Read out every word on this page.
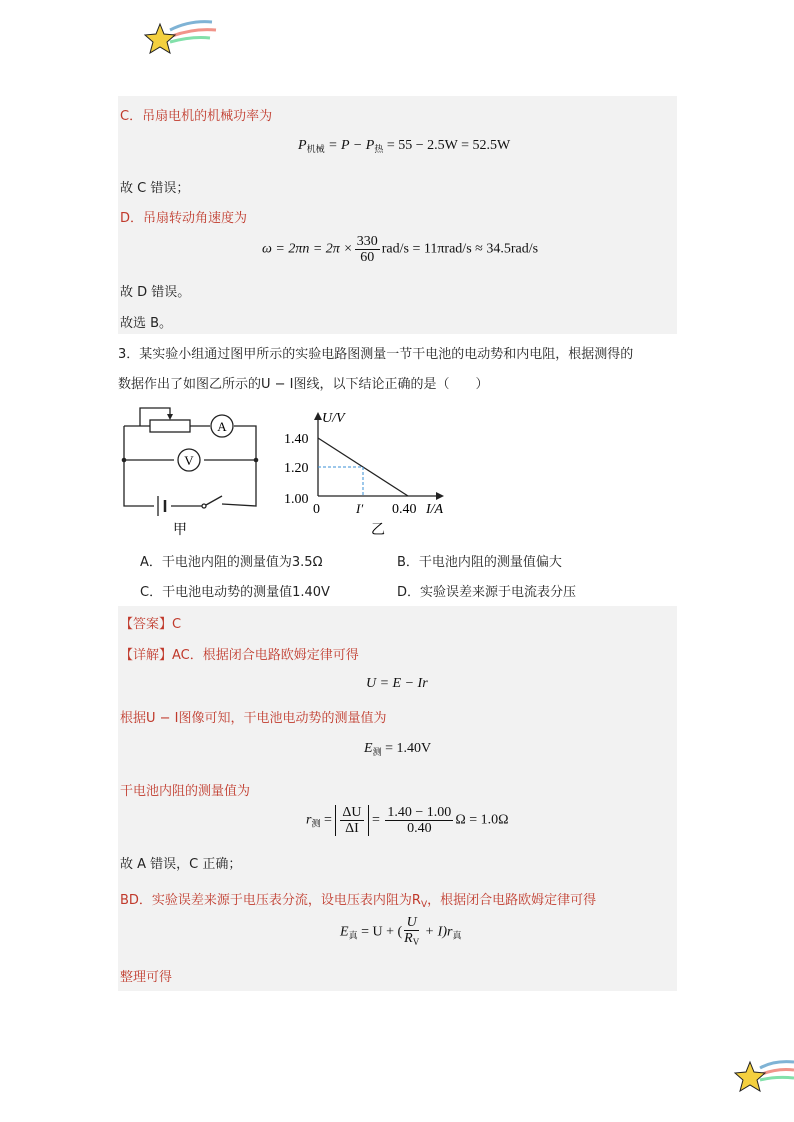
C．吊扇电机的机械功率为
$P_{机械} = P - P_热 = 55 - 2.5W = 52.5W$
故 C 错误；
D．吊扇转动角速度为
$\omega = 2\pi n = 2\pi \times \frac{330}{60} rad/s = 11\pi rad/s \approx 34.5rad/s$
故 D 错误。
故选 B。
3．某实验小组通过图甲所示的实验电路图测量一节干电池的电动势和内电阻，根据测得的
数据作出了如图乙所示的U − I图线，以下结论正确的是（　　）
A
V
甲
U/V
1.40
1.20
1.00
0	I′ 0.40 I/A
乙
A．干电池内阻的测量值为3.5Ω	B．干电池内阻的测量值偏大
C．干电池电动势的测量值1.40V	D．实验误差来源于电流表分压
【答案】C
【详解】AC．根据闭合电路欧姆定律可得
U = E − Ir
根据U − I图像可知，干电池电动势的测量值为
$E_测 = 1.40V$
干电池内阻的测量值为
$r_测 = \frac{\Delta U}{\Delta I} = \frac{1.40 - 1.00}{0.40}$ Ω = 1.0Ω
故 A 错误，C 正确；
BD．实验误差来源于电压表分流，设电压表内阻为$R_V$，根据闭合电路欧姆定律可得
$E_真 = U$ + ( $\frac{U}{R_V} + I)r_真$
整理可得
